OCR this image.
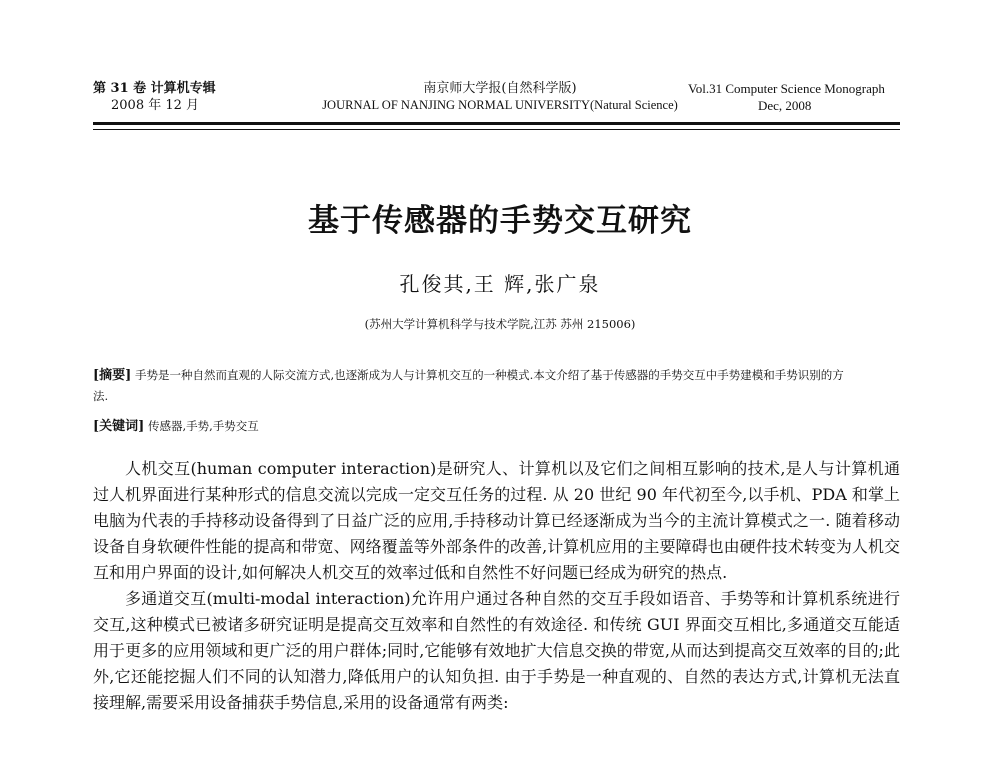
第 31 卷 计算机专辑
2008 年 12 月
南京师大学报(自然科学版)
JOURNAL OF NANJING NORMAL UNIVERSITY(Natural Science)
Vol.31 Computer Science Monograph
Dec, 2008
基于传感器的手势交互研究
孔俊其,王 辉,张广泉
(苏州大学计算机科学与技术学院,江苏 苏州 215006)
[摘要] 手势是一种自然而直观的人际交流方式,也逐渐成为人与计算机交互的一种模式.本文介绍了基于传感器的手势交互中手势建模和手势识别的方法.
[关键词] 传感器,手势,手势交互

人机交互(human computer interaction)是研究人、计算机以及它们之间相互影响的技术,是人与计算机通过人机界面进行某种形式的信息交流以完成一定交互任务的过程. 从 20 世纪 90 年代初至今,以手机、PDA 和掌上电脑为代表的手持移动设备得到了日益广泛的应用,手持移动计算已经逐渐成为当今的主流计算模式之一. 随着移动设备自身软硬件性能的提高和带宽、网络覆盖等外部条件的改善,计算机应用的主要障碍也由硬件技术转变为人机交互和用户界面的设计,如何解决人机交互的效率过低和自然性不好问题已经成为研究的热点.

多通道交互(multi-modal interaction)允许用户通过各种自然的交互手段如语音、手势等和计算机系统进行交互,这种模式已被诸多研究证明是提高交互效率和自然性的有效途径. 和传统 GUI 界面交互相比,多通道交互能适用于更多的应用领域和更广泛的用户群体;同时,它能够有效地扩大信息交换的带宽,从而达到提高交互效率的目的;此外,它还能挖掘人们不同的认知潜力,降低用户的认知负担. 由于手势是一种直观的、自然的表达方式,计算机无法直接理解,需要采用设备捕获手势信息,采用的设备通常有两类:
